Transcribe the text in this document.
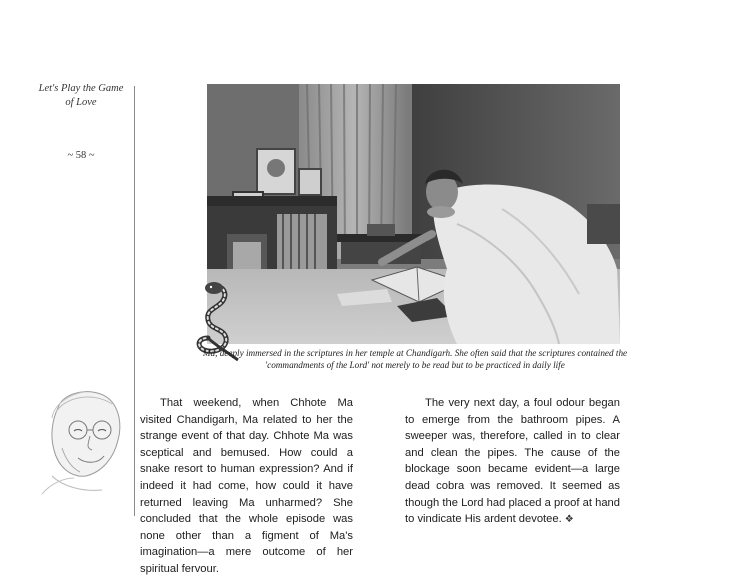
Let's Play the Game of Love
~ 58 ~
Ma, deeply immersed in the scriptures in her temple at Chandigarh. She often said that the scriptures contained the 'commandments of the Lord' not merely to be read but to be practiced in daily life

That weekend, when Chhote Ma visited Chandigarh, Ma related to her the strange event of that day. Chhote Ma was sceptical and bemused. How could a snake resort to human expression? And if indeed it had come, how could it have returned leaving Ma unharmed? She concluded that the whole episode was none other than a figment of Ma's imagination—a mere outcome of her spiritual fervour.

The very next day, a foul odour began to emerge from the bathroom pipes. A sweeper was, therefore, called in to clear and clean the pipes. The cause of the blockage soon became evident—a large dead cobra was removed. It seemed as though the Lord had placed a proof at hand to vindicate His ardent devotee. ❖
